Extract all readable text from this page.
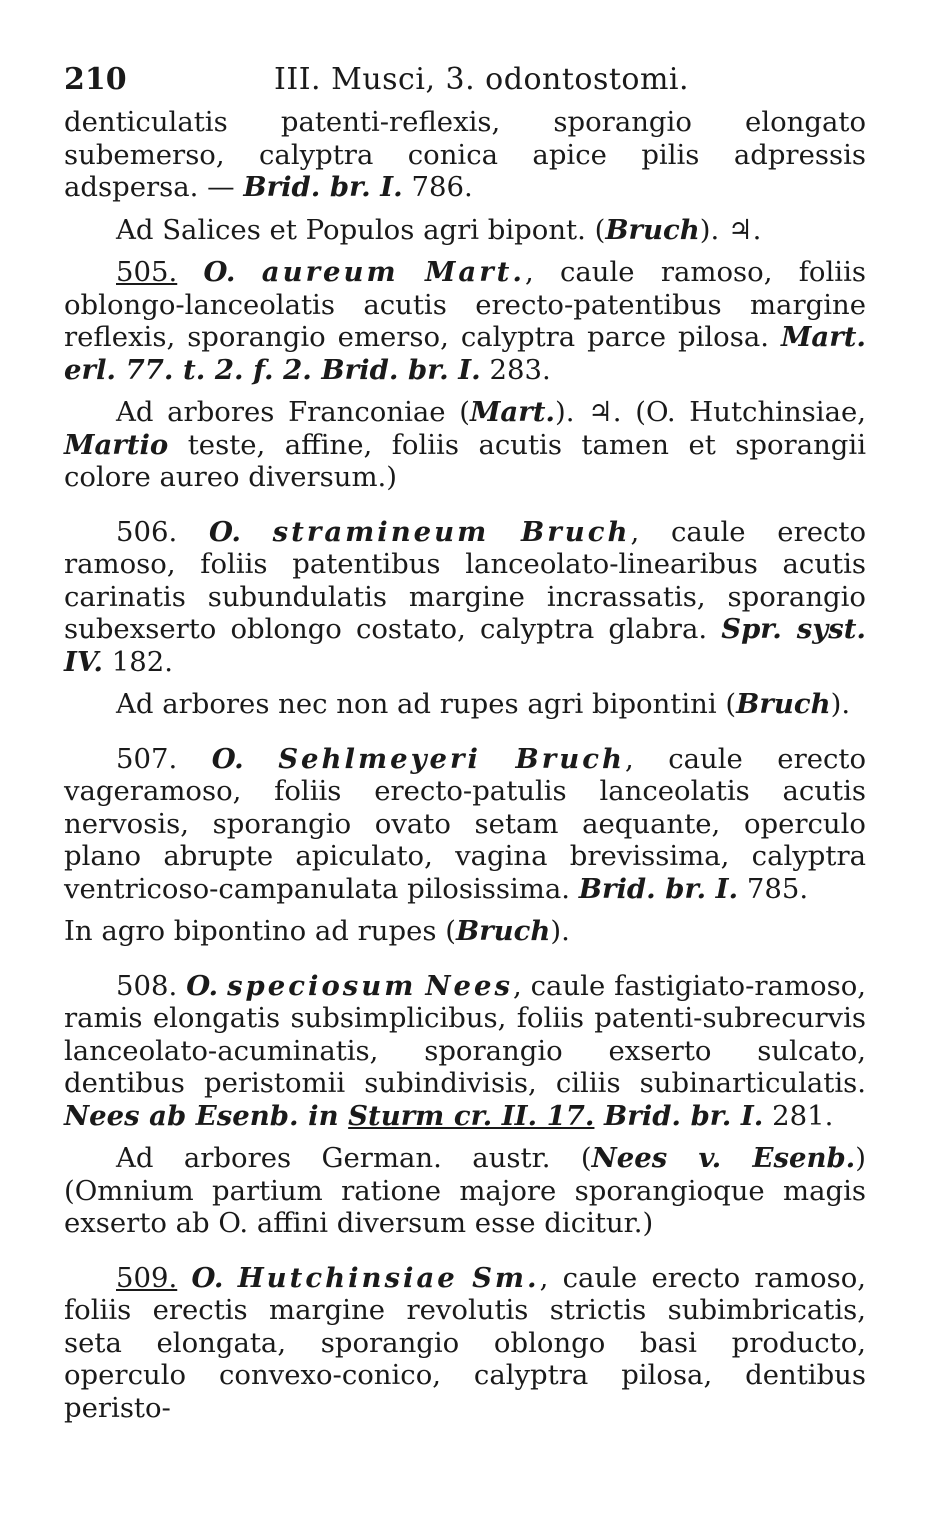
210	III. Musci, 3. odontostomi.

denticulatis patenti-reflexis, sporangio elongato subemerso, calyptra conica apice pilis adpressis adspersa. — Brid. br. I. 786.

Ad Salices et Populos agri bipont. (Bruch). ♃.

505. O. aureum Mart., caule ramoso, foliis oblongo-lanceolatis acutis erecto-patentibus margine reflexis, sporangio emerso, calyptra parce pilosa. Mart. erl. 77. t. 2. f. 2. Brid. br. I. 283.

Ad arbores Franconiae (Mart.). ♃. (O. Hutchinsiae, Martio teste, affine, foliis acutis tamen et sporangii colore aureo diversum.)

506. O. stramineum Bruch, caule erecto ramoso, foliis patentibus lanceolato-linearibus acutis carinatis subundulatis margine incrassatis, sporangio subexserto oblongo costato, calyptra glabra. Spr. syst. IV. 182.

Ad arbores nec non ad rupes agri bipontini (Bruch).

507. O. Sehlmeyeri Bruch, caule erecto vageramoso, foliis erecto-patulis lanceolatis acutis nervosis, sporangio ovato setam aequante, operculo plano abrupte apiculato, vagina brevissima, calyptra ventricoso-campanulata pilosissima. Brid. br. I. 785.

In agro bipontino ad rupes (Bruch).

508. O. speciosum Nees, caule fastigiato-ramoso, ramis elongatis subsimplicibus, foliis patenti-subrecurvis lanceolato-acuminatis, sporangio exserto sulcato, dentibus peristomii subindivisis, ciliis subinarticulatis. Nees ab Esenb. in Sturm cr. II. 17. Brid. br. I. 281.

Ad arbores German. austr. (Nees v. Esenb.) (Omnium partium ratione majore sporangioque magis exserto ab O. affini diversum esse dicitur.)

509. O. Hutchinsiae Sm., caule erecto ramoso, foliis erectis margine revolutis strictis subimbricatis, seta elongata, sporangio oblongo basi producto, operculo convexo-conico, calyptra pilosa, dentibus peristo-
